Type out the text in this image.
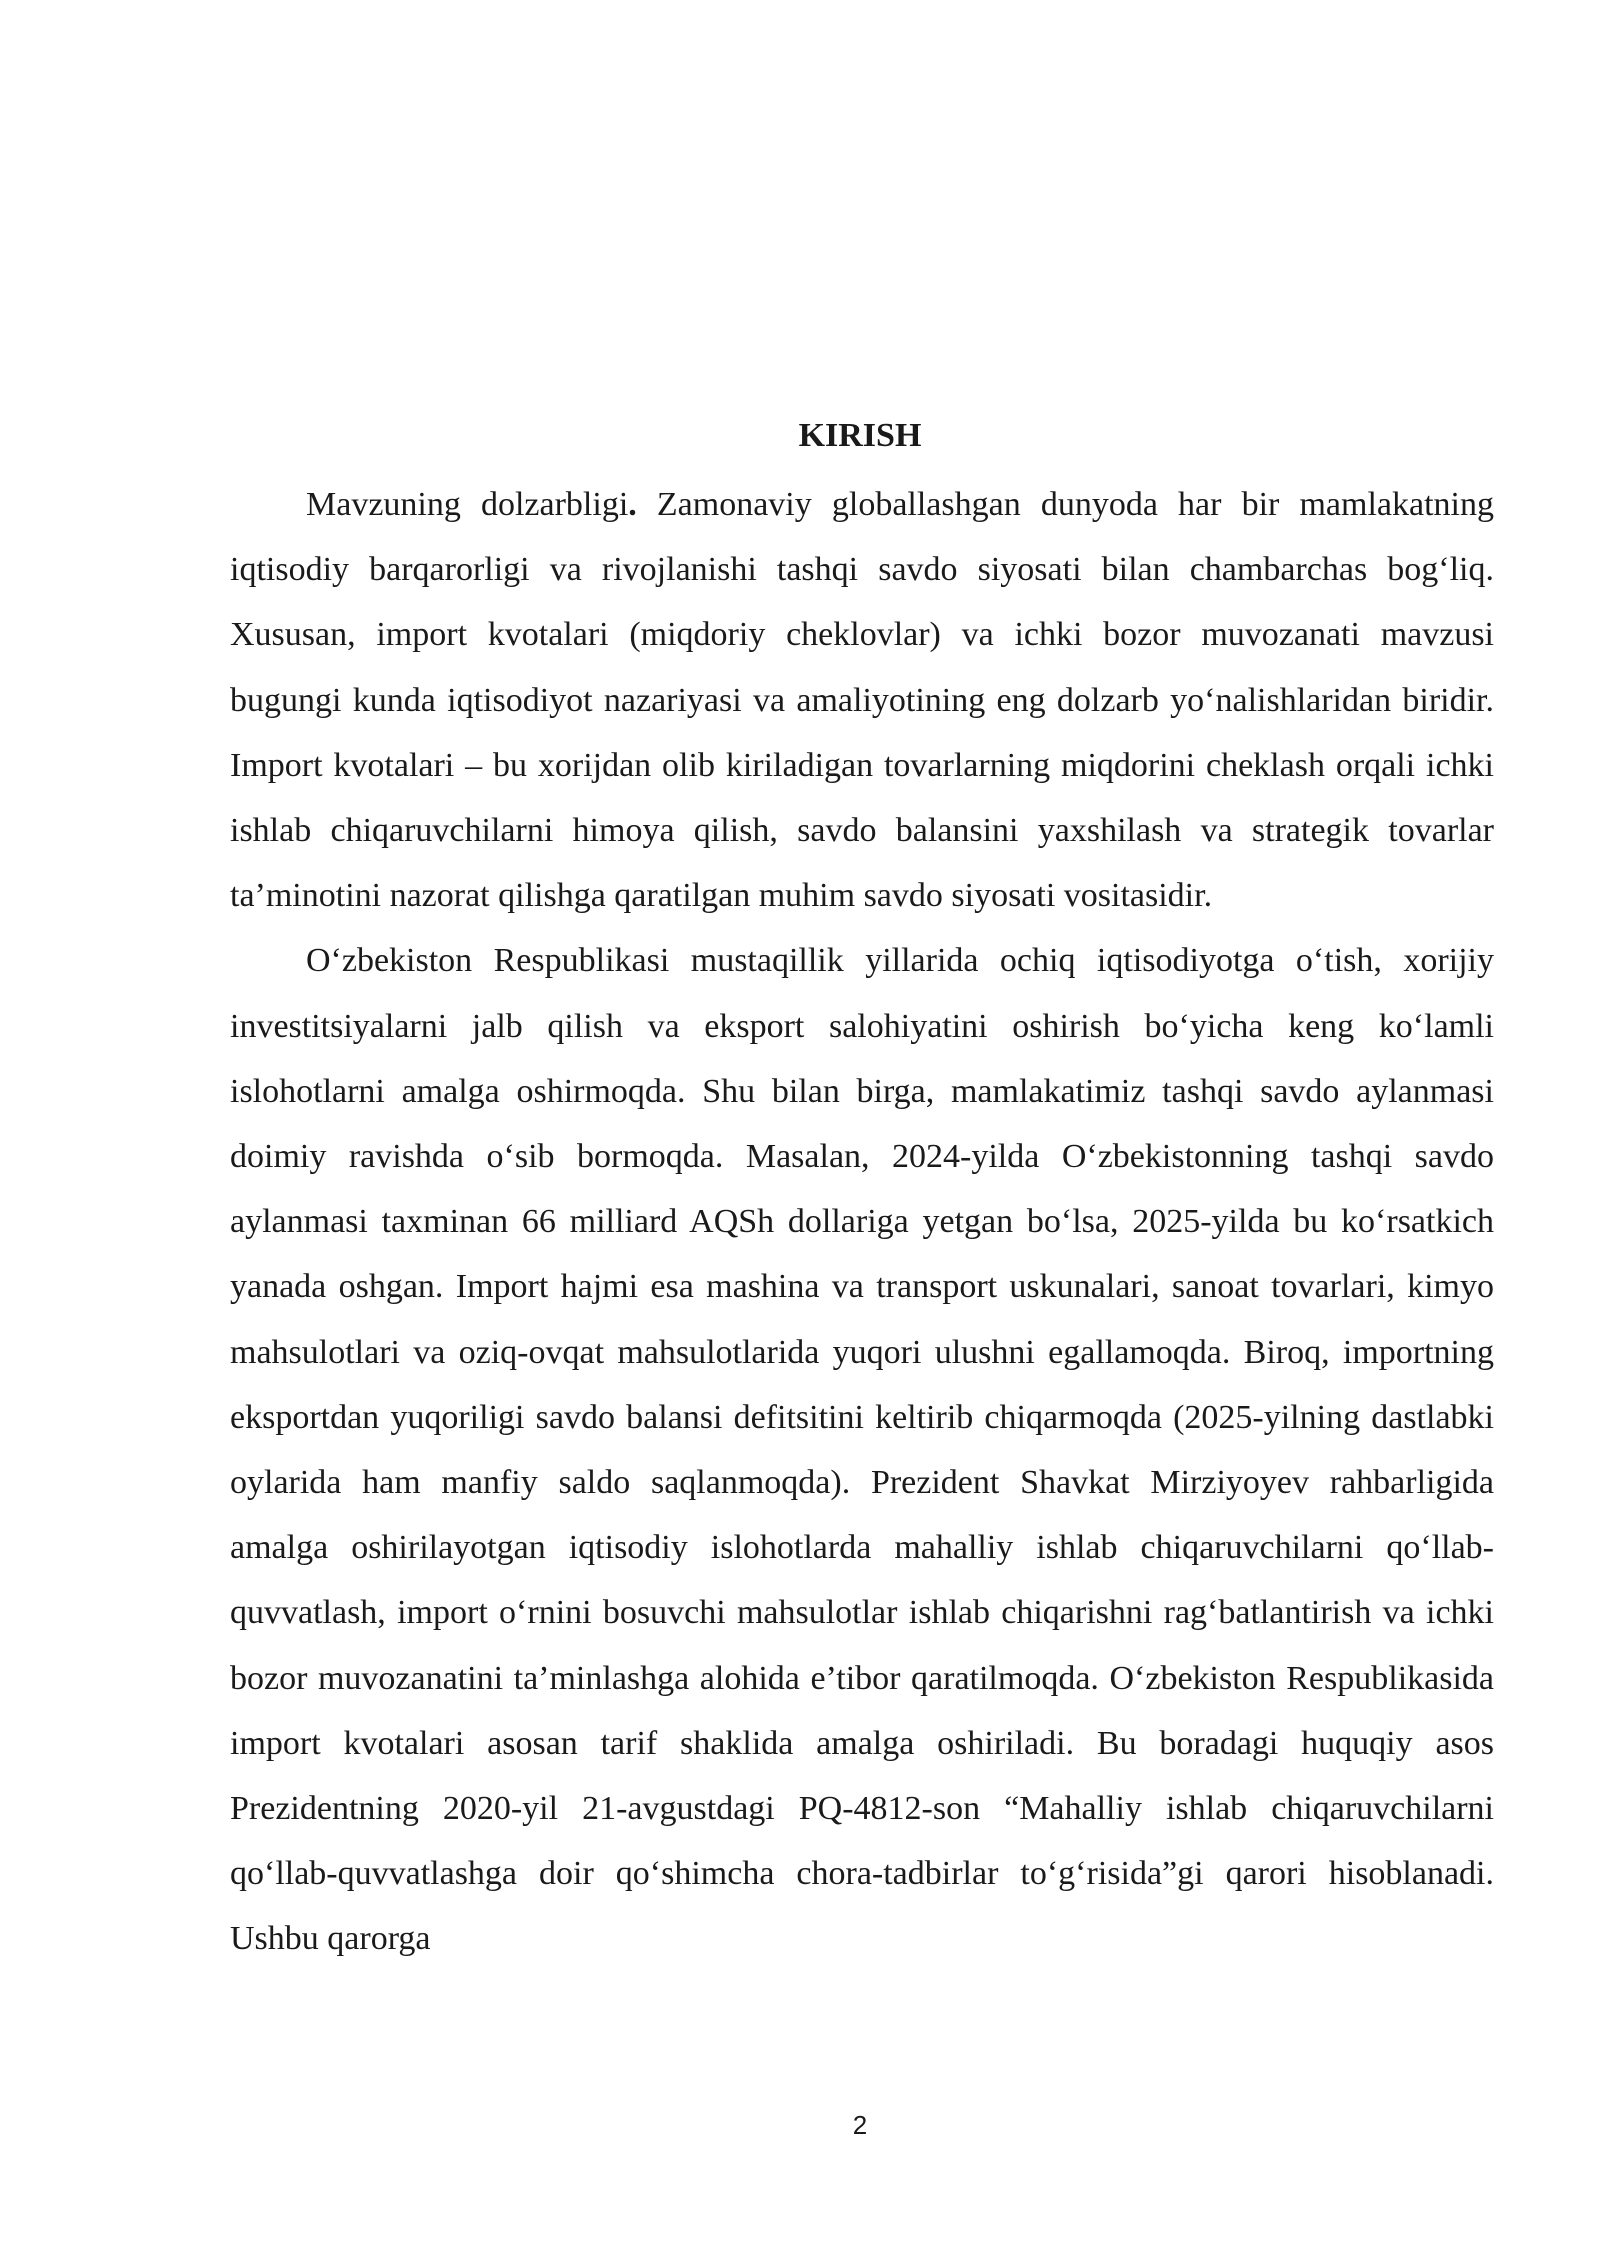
KIRISH

Mavzuning dolzarbligi. Zamonaviy globallashgan dunyoda har bir mamlakatning iqtisodiy barqarorligi va rivojlanishi tashqi savdo siyosati bilan chambarchas bog‘liq. Xususan, import kvotalari (miqdoriy cheklovlar) va ichki bozor muvozanati mavzusi bugungi kunda iqtisodiyot nazariyasi va amaliyotining eng dolzarb yo‘nalishlaridan biridir. Import kvotalari – bu xorijdan olib kiriladigan tovarlarning miqdorini cheklash orqali ichki ishlab chiqaruvchilarni himoya qilish, savdo balansini yaxshilash va strategik tovarlar ta’minotini nazorat qilishga qaratilgan muhim savdo siyosati vositasidir.

O‘zbekiston Respublikasi mustaqillik yillarida ochiq iqtisodiyotga o‘tish, xorijiy investitsiyalarni jalb qilish va eksport salohiyatini oshirish bo‘yicha keng ko‘lamli islohotlarni amalga oshirmoqda. Shu bilan birga, mamlakatimiz tashqi savdo aylanmasi doimiy ravishda o‘sib bormoqda. Masalan, 2024-yilda O‘zbekistonning tashqi savdo aylanmasi taxminan 66 milliard AQSh dollariga yetgan bo‘lsa, 2025-yilda bu ko‘rsatkich yanada oshgan. Import hajmi esa mashina va transport uskunalari, sanoat tovarlari, kimyo mahsulotlari va oziq-ovqat mahsulotlarida yuqori ulushni egallamoqda. Biroq, importning eksportdan yuqoriligi savdo balansi defitsitini keltirib chiqarmoqda (2025-yilning dastlabki oylarida ham manfiy saldo saqlanmoqda). Prezident Shavkat Mirziyoyev rahbarligida amalga oshirilayotgan iqtisodiy islohotlarda mahalliy ishlab chiqaruvchilarni qo‘llab-quvvatlash, import o‘rnini bosuvchi mahsulotlar ishlab chiqarishni rag‘batlantirish va ichki bozor muvozanatini ta’minlashga alohida e’tibor qaratilmoqda. O‘zbekiston Respublikasida import kvotalari asosan tarif shaklida amalga oshiriladi. Bu boradagi huquqiy asos Prezidentning 2020-yil 21-avgustdagi PQ-4812-son “Mahalliy ishlab chiqaruvchilarni qo‘llab-quvvatlashga doir qo‘shimcha chora-tadbirlar to‘g‘risida”gi qarori hisoblanadi. Ushbu qarorga

2
